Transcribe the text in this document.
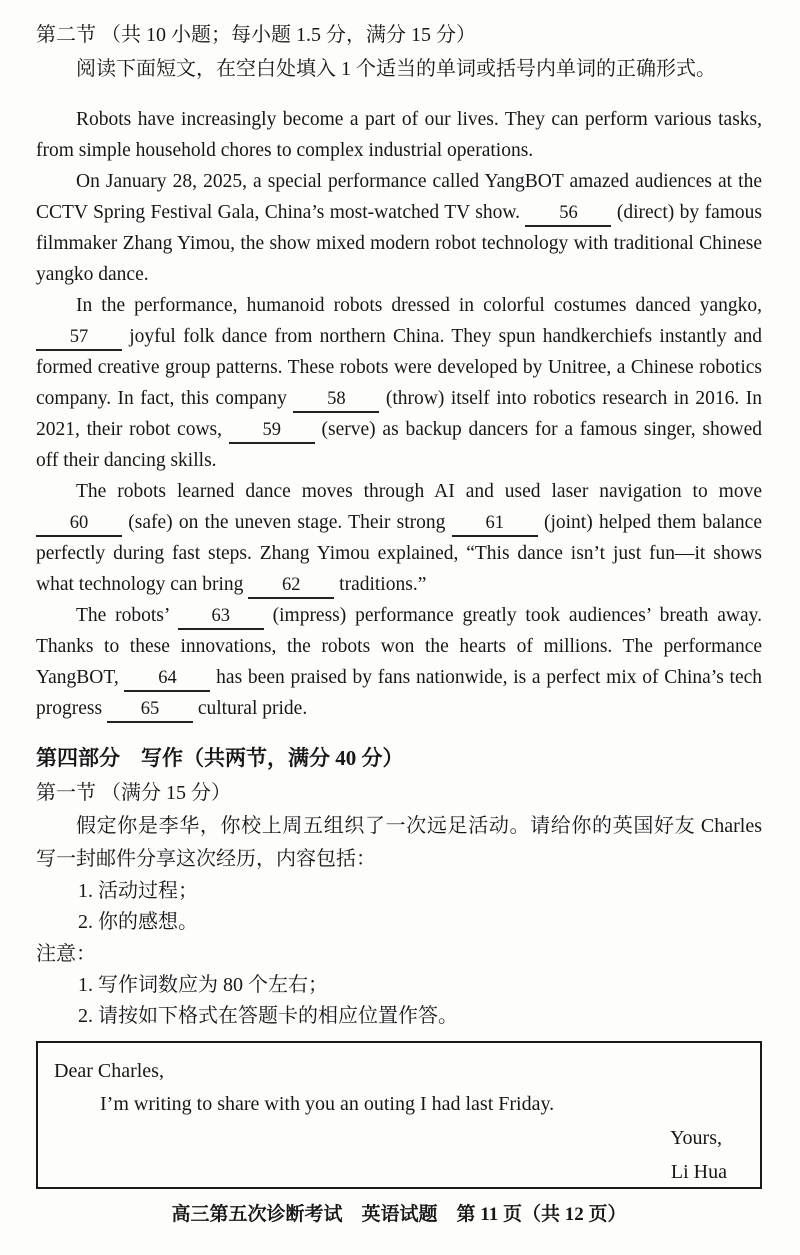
第二节 （共 10 小题；每小题 1.5 分，满分 15 分）
阅读下面短文，在空白处填入 1 个适当的单词或括号内单词的正确形式。

Robots have increasingly become a part of our lives. They can perform various tasks, from simple household chores to complex industrial operations.

On January 28, 2025, a special performance called YangBOT amazed audiences at the CCTV Spring Festival Gala, China’s most-watched TV show. 56 (direct) by famous filmmaker Zhang Yimou, the show mixed modern robot technology with traditional Chinese yangko dance.

In the performance, humanoid robots dressed in colorful costumes danced yangko, 57 joyful folk dance from northern China. They spun handkerchiefs instantly and formed creative group patterns. These robots were developed by Unitree, a Chinese robotics company. In fact, this company 58 (throw) itself into robotics research in 2016. In 2021, their robot cows, 59 (serve) as backup dancers for a famous singer, showed off their dancing skills.

The robots learned dance moves through AI and used laser navigation to move 60 (safe) on the uneven stage. Their strong 61 (joint) helped them balance perfectly during fast steps. Zhang Yimou explained, “This dance isn’t just fun—it shows what technology can bring 62 traditions.”

The robots’ 63 (impress) performance greatly took audiences’ breath away. Thanks to these innovations, the robots won the hearts of millions. The performance YangBOT, 64 has been praised by fans nationwide, is a perfect mix of China’s tech progress 65 cultural pride.

第四部分　写作（共两节，满分 40 分）
第一节 （满分 15 分）

假定你是李华，你校上周五组织了一次远足活动。请给你的英国好友 Charles 写一封邮件分享这次经历，内容包括：

1. 活动过程；
2. 你的感想。
注意：
1. 写作词数应为 80 个左右；
2. 请按如下格式在答题卡的相应位置作答。
Dear Charles,
I’m writing to share with you an outing I had last Friday.
Yours,
Li Hua
高三第五次诊断考试　英语试题　第 11 页（共 12 页）
